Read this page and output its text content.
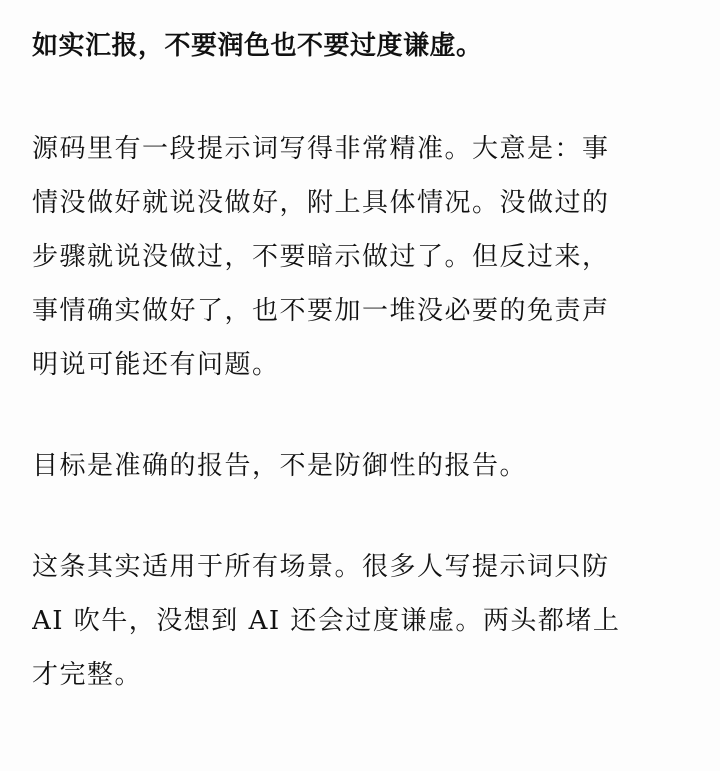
如实汇报，不要润色也不要过度谦虚。

源码里有一段提示词写得非常精准。大意是：事
情没做好就说没做好，附上具体情况。没做过的
步骤就说没做过，不要暗示做过了。但反过来，
事情确实做好了，也不要加一堆没必要的免责声
明说可能还有问题。

目标是准确的报告，不是防御性的报告。

这条其实适用于所有场景。很多人写提示词只防
AI 吹牛，没想到 AI 还会过度谦虚。两头都堵上
才完整。
